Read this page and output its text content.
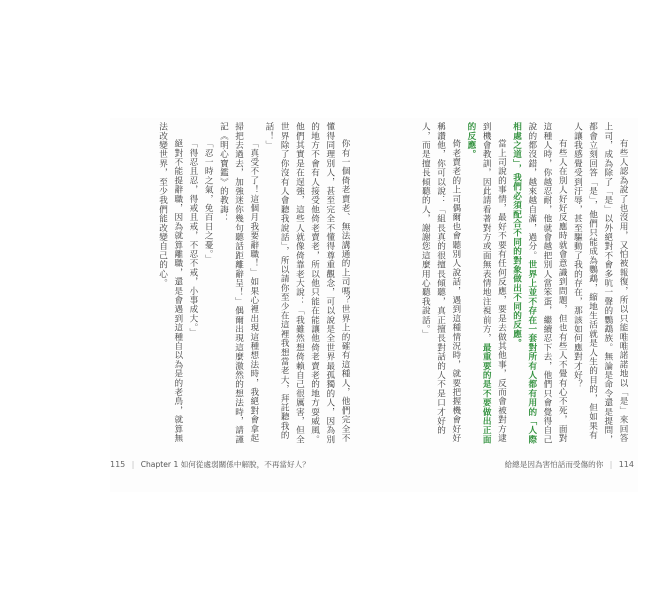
你有一個倚老賣老、無法講通的上司嗎？世界上的確有這種人，他們完全不懂得同理別人，甚至完全不懂得尊重觀念，可以說是全世界最孤獨的人，因為別的地方不會有人接受他倚老賣老，所以他只能在能讓他倚老賣老的地方耍威風。他們其實是在逞強，這些人就像倚靠老大說：「我雖然想倚賴自己很厲害，但全世界除了你沒有人會聽我說話」，所以請你至少在這裡我想當老大，拜託聽我的話！」

「真受不了！這個月我要辭職！」如果心裡出現這種想法時，我絕對會拿起掃把去過去，加強迷你幾句聽話距離辭呈！」偶爾出現這麼激然的想法時，請謹記《明心寶鑑》的教誨：

「忍一時之氣，免百日之憂。」

「得忍且忍，得戒且戒，不忍不戒，小事成大。」

絕對不能提辭職，因為就算離職，還是會遇到這種自以為是的老鳥，就算無法改變世界，至少我們能改變自己的心。

115 | Chapter 1 如何從處弱關係中解脫，不再當好人？

有些人認為說了也沒用，又怕被報復，所以只能唯唯諾諾地以「是」來回答上司，成為除了「是」以外絕對不會多吭一聲的鸚鵡族。無論是命令還是提問，都會立刻回答「是」，他們只能成為鸚鵡，縮地生活就是人生的目的，但如果有人讓我感覺受到汙辱，甚至驅動了我的存在，那該如何應對才好？

有些人在別人好好反應時就會意識到問題，但也有些人不覺有心不死，面對這種人時，你越忍耐，他就會越把別人當笨蛋，繼續忍下去，他們只會覺得自己說的都沒錯，越來越自滿，過分。世界上並不存在一套對所有人都有用的「人際相處之道」，我們必須配合不同的對象做出不同的反應。

當上司說的事情，最好不要有任何反應，要是去做其他事，反而會被對方逮到機會教訓，因此請看著對方或面無表情地注視前方，最重要的是不要做出正面的反應。

倚老賣老的上司偶爾也會聽別人說話，遇到這種情況時，就要把握機會好好稱讚他，你可以說：「組長真的很擅長傾聽，真正擅長對話的人不是口才好的人，而是擅長傾聽的人，謝謝您這麼用心聽我說話。」

給總是因為害怕話而受傷的你 | 114
